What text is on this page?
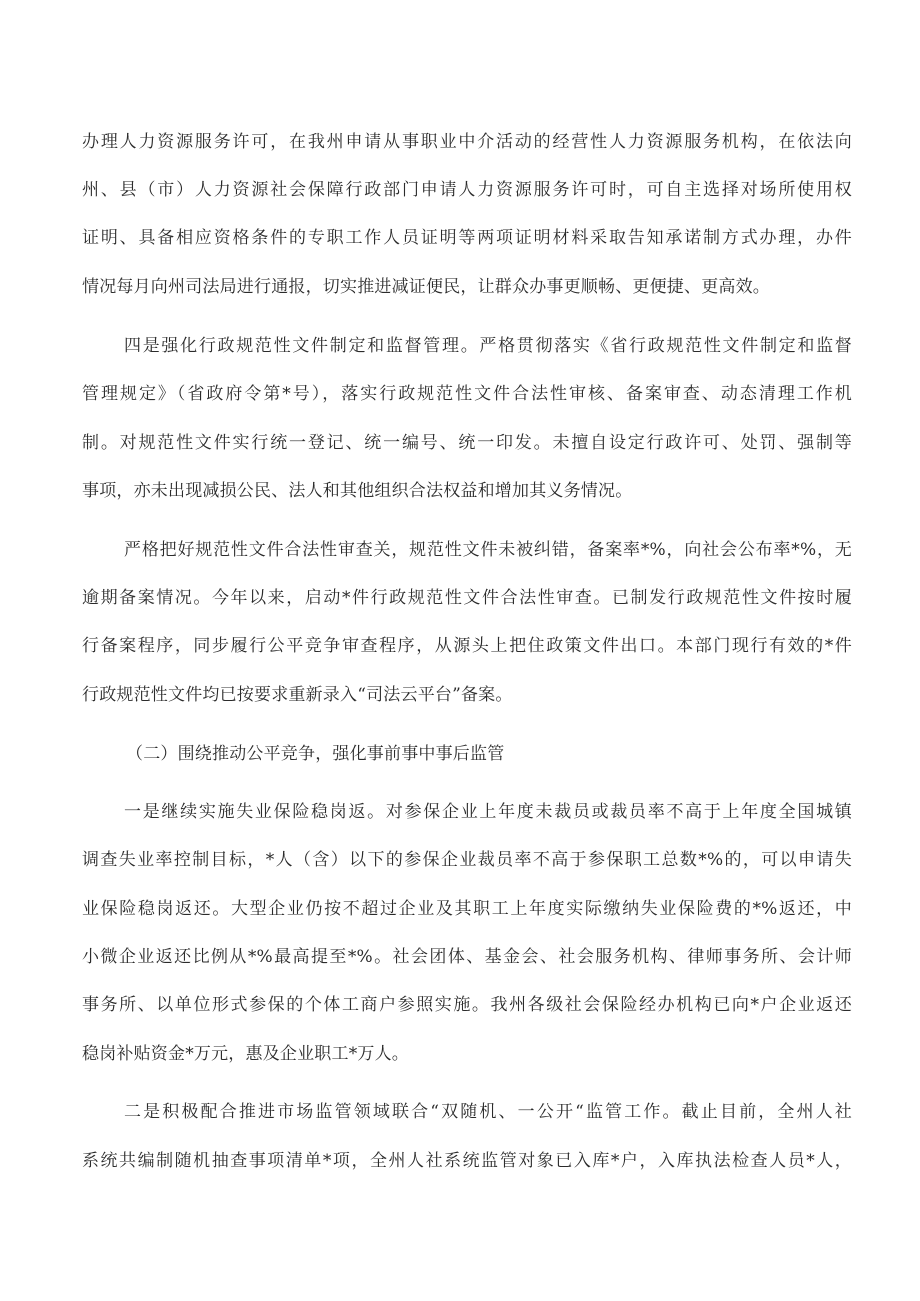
办理人力资源服务许可，在我州申请从事职业中介活动的经营性人力资源服务机构，在依法向
州、县（市）人力资源社会保障行政部门申请人力资源服务许可时，可自主选择对场所使用权
证明、具备相应资格条件的专职工作人员证明等两项证明材料采取告知承诺制方式办理，办件
情况每月向州司法局进行通报，切实推进减证便民，让群众办事更顺畅、更便捷、更高效。
四是强化行政规范性文件制定和监督管理。严格贯彻落实《省行政规范性文件制定和监督
管理规定》（省政府令第*号），落实行政规范性文件合法性审核、备案审查、动态清理工作机
制。对规范性文件实行统一登记、统一编号、统一印发。未擅自设定行政许可、处罚、强制等
事项，亦未出现减损公民、法人和其他组织合法权益和增加其义务情况。
严格把好规范性文件合法性审查关，规范性文件未被纠错，备案率*%，向社会公布率*%，无
逾期备案情况。今年以来，启动*件行政规范性文件合法性审查。已制发行政规范性文件按时履
行备案程序，同步履行公平竞争审查程序，从源头上把住政策文件出口。本部门现行有效的*件
行政规范性文件均已按要求重新录入“司法云平台”备案。
（二）围绕推动公平竞争，强化事前事中事后监管
一是继续实施失业保险稳岗返。对参保企业上年度未裁员或裁员率不高于上年度全国城镇
调查失业率控制目标，*人（含）以下的参保企业裁员率不高于参保职工总数*%的，可以申请失
业保险稳岗返还。大型企业仍按不超过企业及其职工上年度实际缴纳失业保险费的*%返还，中
小微企业返还比例从*%最高提至*%。社会团体、基金会、社会服务机构、律师事务所、会计师
事务所、以单位形式参保的个体工商户参照实施。我州各级社会保险经办机构已向*户企业返还
稳岗补贴资金*万元，惠及企业职工*万人。
二是积极配合推进市场监管领域联合“双随机、一公开“监管工作。截止目前，全州人社
系统共编制随机抽查事项清单*项，全州人社系统监管对象已入库*户，入库执法检查人员*人，
